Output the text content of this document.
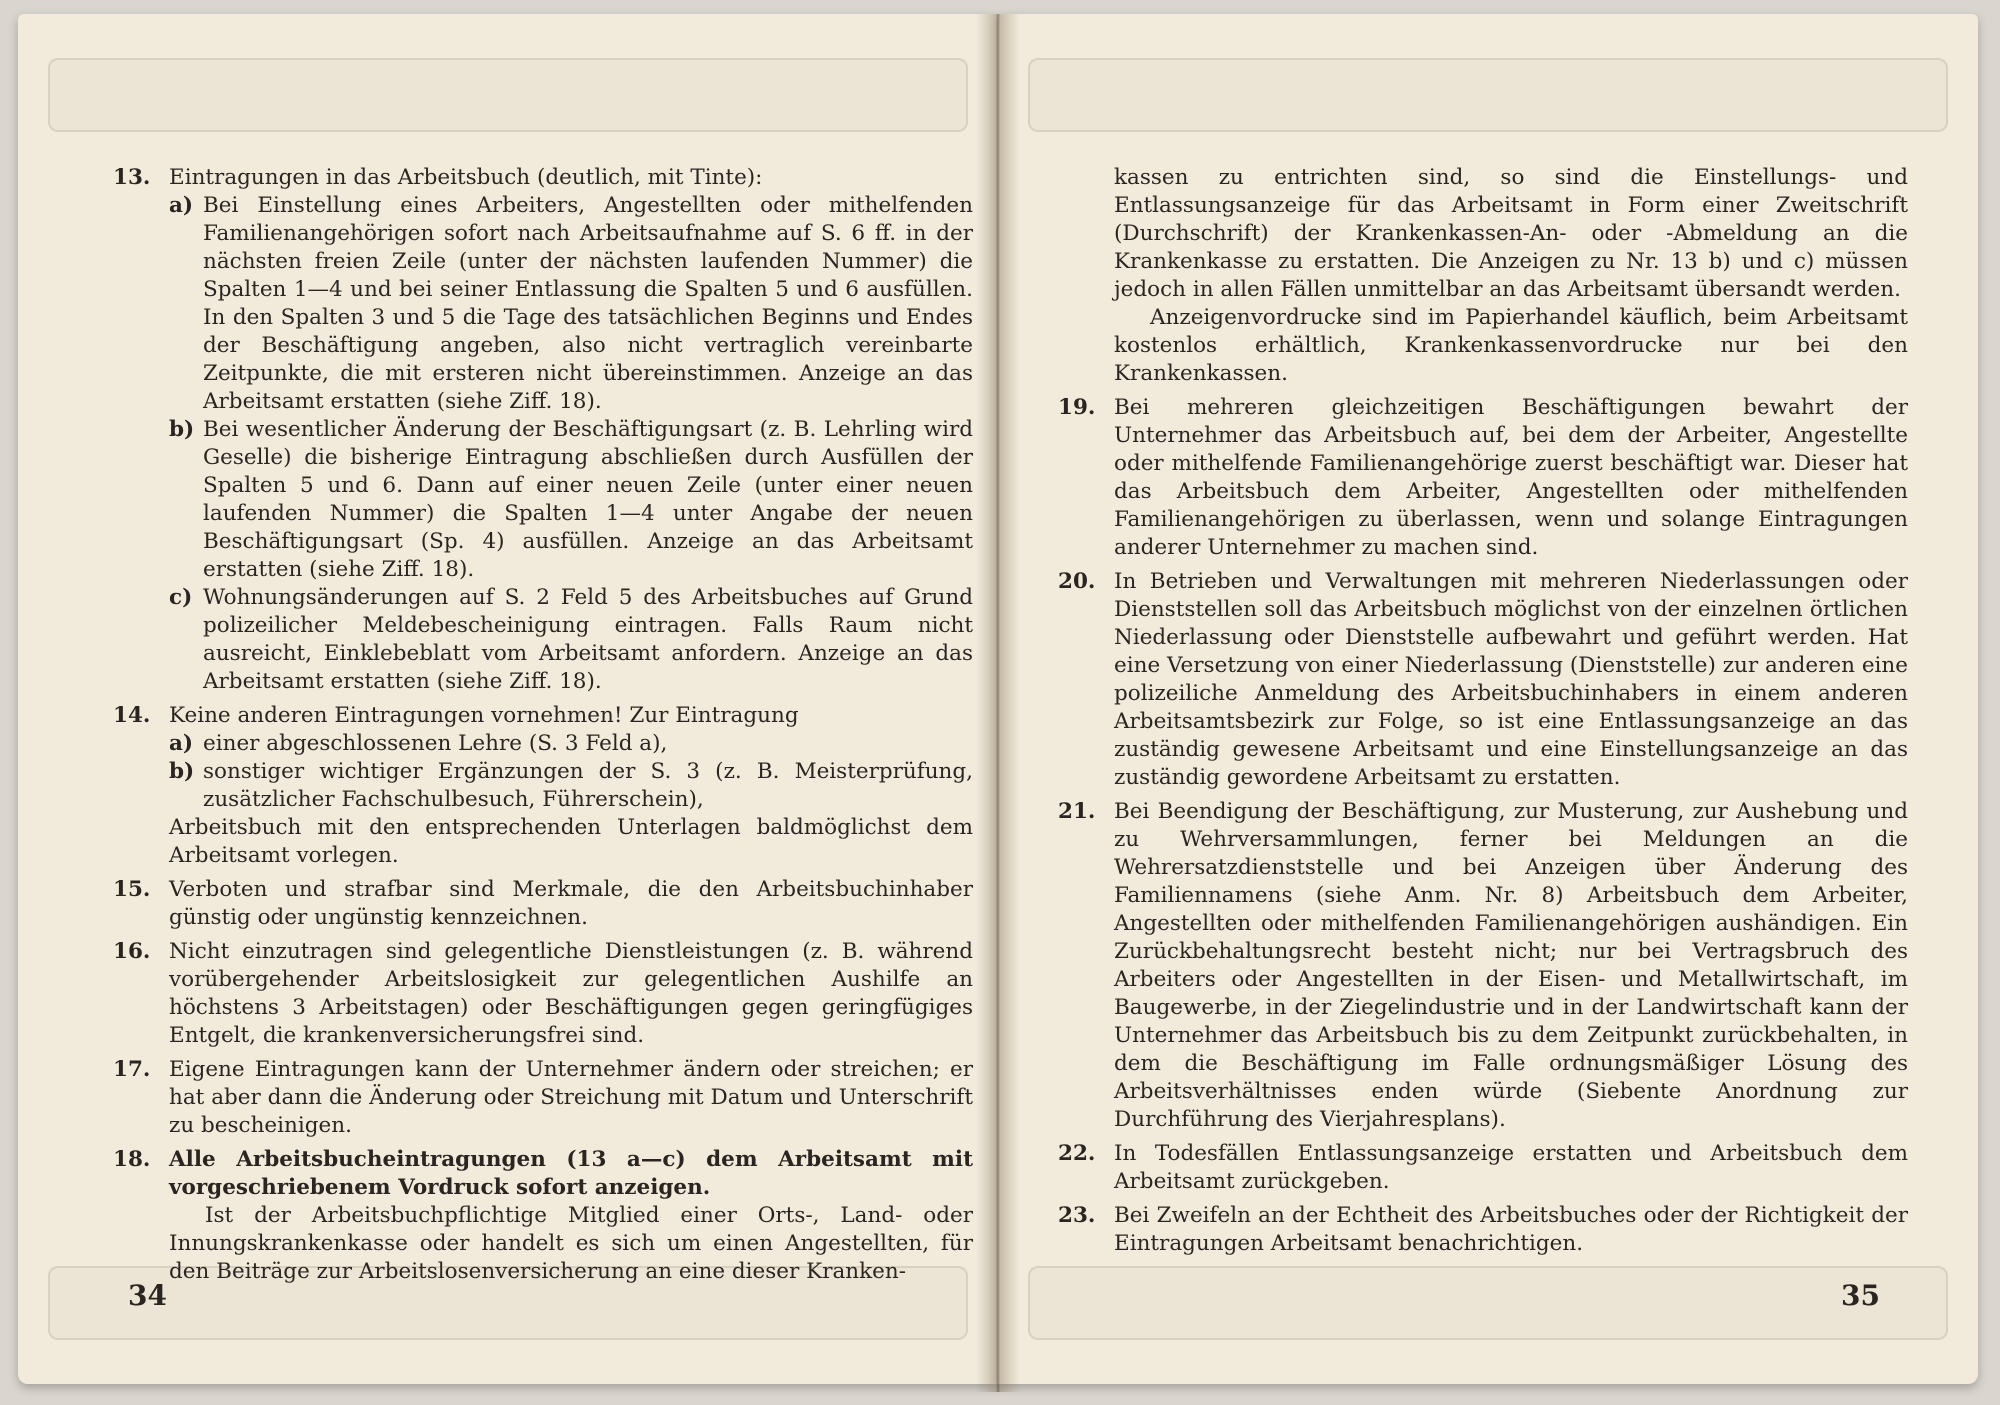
13. Eintragungen in das Arbeitsbuch (deutlich, mit Tinte):
a) Bei Einstellung eines Arbeiters, Angestellten oder mithelfenden Familienangehörigen sofort nach Arbeitsaufnahme auf S. 6 ff. in der nächsten freien Zeile (unter der nächsten laufenden Nummer) die Spalten 1—4 und bei seiner Entlassung die Spalten 5 und 6 ausfüllen. In den Spalten 3 und 5 die Tage des tatsächlichen Beginns und Endes der Beschäftigung angeben, also nicht vertraglich vereinbarte Zeitpunkte, die mit ersteren nicht übereinstimmen. Anzeige an das Arbeitsamt erstatten (siehe Ziff. 18).
b) Bei wesentlicher Änderung der Beschäftigungsart (z. B. Lehrling wird Geselle) die bisherige Eintragung abschließen durch Ausfüllen der Spalten 5 und 6. Dann auf einer neuen Zeile (unter einer neuen laufenden Nummer) die Spalten 1—4 unter Angabe der neuen Beschäftigungsart (Sp. 4) ausfüllen. Anzeige an das Arbeitsamt erstatten (siehe Ziff. 18).
c) Wohnungsänderungen auf S. 2 Feld 5 des Arbeitsbuches auf Grund polizeilicher Meldebescheinigung eintragen. Falls Raum nicht ausreicht, Einklebeblatt vom Arbeitsamt anfordern. Anzeige an das Arbeitsamt erstatten (siehe Ziff. 18).
14. Keine anderen Eintragungen vornehmen! Zur Eintragung
a) einer abgeschlossenen Lehre (S. 3 Feld a),
b) sonstiger wichtiger Ergänzungen der S. 3 (z. B. Meisterprüfung, zusätzlicher Fachschulbesuch, Führerschein),
Arbeitsbuch mit den entsprechenden Unterlagen baldmöglichst dem Arbeitsamt vorlegen.
15. Verboten und strafbar sind Merkmale, die den Arbeitsbuchinhaber günstig oder ungünstig kennzeichnen.
16. Nicht einzutragen sind gelegentliche Dienstleistungen (z. B. während vorübergehender Arbeitslosigkeit zur gelegentlichen Aushilfe an höchstens 3 Arbeitstagen) oder Beschäftigungen gegen geringfügiges Entgelt, die krankenversicherungsfrei sind.
17. Eigene Eintragungen kann der Unternehmer ändern oder streichen; er hat aber dann die Änderung oder Streichung mit Datum und Unterschrift zu bescheinigen.
18. Alle Arbeitsbucheintragungen (13 a—c) dem Arbeitsamt mit vorgeschriebenem Vordruck sofort anzeigen.
Ist der Arbeitsbuchpflichtige Mitglied einer Orts-, Land- oder Innungskrankenkasse oder handelt es sich um einen Angestellten, für den Beiträge zur Arbeitslosenversicherung an eine dieser Kranken-
34
kassen zu entrichten sind, so sind die Einstellungs- und Entlassungsanzeige für das Arbeitsamt in Form einer Zweitschrift (Durchschrift) der Krankenkassen-An- oder -Abmeldung an die Krankenkasse zu erstatten. Die Anzeigen zu Nr. 13 b) und c) müssen jedoch in allen Fällen unmittelbar an das Arbeitsamt übersandt werden.
Anzeigenvordrucke sind im Papierhandel käuflich, beim Arbeitsamt kostenlos erhältlich, Krankenkassenvordrucke nur bei den Krankenkassen.
19. Bei mehreren gleichzeitigen Beschäftigungen bewahrt der Unternehmer das Arbeitsbuch auf, bei dem der Arbeiter, Angestellte oder mithelfende Familienangehörige zuerst beschäftigt war. Dieser hat das Arbeitsbuch dem Arbeiter, Angestellten oder mithelfenden Familienangehörigen zu überlassen, wenn und solange Eintragungen anderer Unternehmer zu machen sind.
20. In Betrieben und Verwaltungen mit mehreren Niederlassungen oder Dienststellen soll das Arbeitsbuch möglichst von der einzelnen örtlichen Niederlassung oder Dienststelle aufbewahrt und geführt werden. Hat eine Versetzung von einer Niederlassung (Dienststelle) zur anderen eine polizeiliche Anmeldung des Arbeitsbuchinhabers in einem anderen Arbeitsamtsbezirk zur Folge, so ist eine Entlassungsanzeige an das zuständig gewesene Arbeitsamt und eine Einstellungsanzeige an das zuständig gewordene Arbeitsamt zu erstatten.
21. Bei Beendigung der Beschäftigung, zur Musterung, zur Aushebung und zu Wehrversammlungen, ferner bei Meldungen an die Wehrersatzdienststelle und bei Anzeigen über Änderung des Familiennamens (siehe Anm. Nr. 8) Arbeitsbuch dem Arbeiter, Angestellten oder mithelfenden Familienangehörigen aushändigen. Ein Zurückbehaltungsrecht besteht nicht; nur bei Vertragsbruch des Arbeiters oder Angestellten in der Eisen- und Metallwirtschaft, im Baugewerbe, in der Ziegelindustrie und in der Landwirtschaft kann der Unternehmer das Arbeitsbuch bis zu dem Zeitpunkt zurückbehalten, in dem die Beschäftigung im Falle ordnungsmäßiger Lösung des Arbeitsverhältnisses enden würde (Siebente Anordnung zur Durchführung des Vierjahresplans).
22. In Todesfällen Entlassungsanzeige erstatten und Arbeitsbuch dem Arbeitsamt zurückgeben.
23. Bei Zweifeln an der Echtheit des Arbeitsbuches oder der Richtigkeit der Eintragungen Arbeitsamt benachrichtigen.
35
